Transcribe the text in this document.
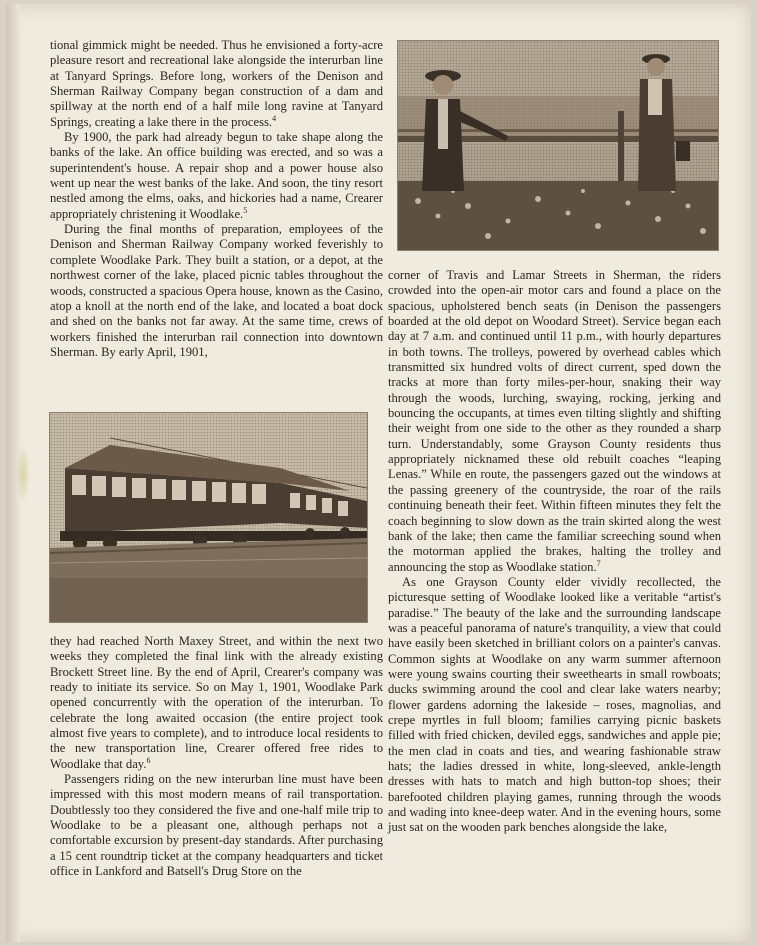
tional gimmick might be needed. Thus he envisioned a forty-acre pleasure resort and recreational lake alongside the interurban line at Tanyard Springs. Before long, workers of the Denison and Sherman Railway Company began construction of a dam and spillway at the north end of a half mile long ravine at Tanyard Springs, creating a lake there in the process.$^4$

By 1900, the park had already begun to take shape along the banks of the lake. An office building was erected, and so was a superintendent's house. A repair shop and a power house also went up near the west banks of the lake. And soon, the tiny resort nestled among the elms, oaks, and hickories had a name, Crearer appropriately christening it Woodlake.$^5$

During the final months of preparation, employees of the Denison and Sherman Railway Company worked feverishly to complete Woodlake Park. They built a station, or a depot, at the northwest corner of the lake, placed picnic tables throughout the woods, constructed a spacious Opera house, known as the Casino, atop a knoll at the north end of the lake, and located a boat dock and shed on the banks not far away. At the same time, crews of workers finished the interurban rail connection into downtown Sherman. By early April, 1901,

they had reached North Maxey Street, and within the next two weeks they completed the final link with the already existing Brockett Street line. By the end of April, Crearer's company was ready to initiate its service. So on May 1, 1901, Woodlake Park opened concurrently with the operation of the interurban. To celebrate the long awaited occasion (the entire project took almost five years to complete), and to introduce local residents to the new transportation line, Crearer offered free rides to Woodlake that day.$^6$

Passengers riding on the new interurban line must have been impressed with this most modern means of rail transportation. Doubtlessly too they considered the five and one-half mile trip to Woodlake to be a pleasant one, although perhaps not a comfortable excursion by present-day standards. After purchasing a 15 cent roundtrip ticket at the company headquarters and ticket office in Lankford and Batsell's Drug Store on the

corner of Travis and Lamar Streets in Sherman, the riders crowded into the open-air motor cars and found a place on the spacious, upholstered bench seats (in Denison the passengers boarded at the old depot on Woodard Street). Service began each day at 7 a.m. and continued until 11 p.m., with hourly departures in both towns. The trolleys, powered by overhead cables which transmitted six hundred volts of direct current, sped down the tracks at more than forty miles-per-hour, snaking their way through the woods, lurching, swaying, rocking, jerking and bouncing the occupants, at times even tilting slightly and shifting their weight from one side to the other as they rounded a sharp turn. Understandably, some Grayson County residents thus appropriately nicknamed these old rebuilt coaches “leaping Lenas.” While en route, the passengers gazed out the windows at the passing greenery of the countryside, the roar of the rails continuing beneath their feet. Within fifteen minutes they felt the coach beginning to slow down as the train skirted along the west bank of the lake; then came the familiar screeching sound when the motorman applied the brakes, halting the trolley and announcing the stop as Woodlake station.$^7$

As one Grayson County elder vividly recollected, the picturesque setting of Woodlake looked like a veritable “artist's paradise.” The beauty of the lake and the surrounding landscape was a peaceful panorama of nature's tranquility, a view that could have easily been sketched in brilliant colors on a painter's canvas. Common sights at Woodlake on any warm summer afternoon were young swains courting their sweethearts in small rowboats; ducks swimming around the cool and clear lake waters nearby; flower gardens adorning the lakeside – roses, magnolias, and crepe myrtles in full bloom; families carrying picnic baskets filled with fried chicken, deviled eggs, sandwiches and apple pie; the men clad in coats and ties, and wearing fashionable straw hats; the ladies dressed in white, long-sleeved, ankle-length dresses with hats to match and high button-top shoes; their barefooted children playing games, running through the woods and wading into knee-deep water. And in the evening hours, some just sat on the wooden park benches alongside the lake,
